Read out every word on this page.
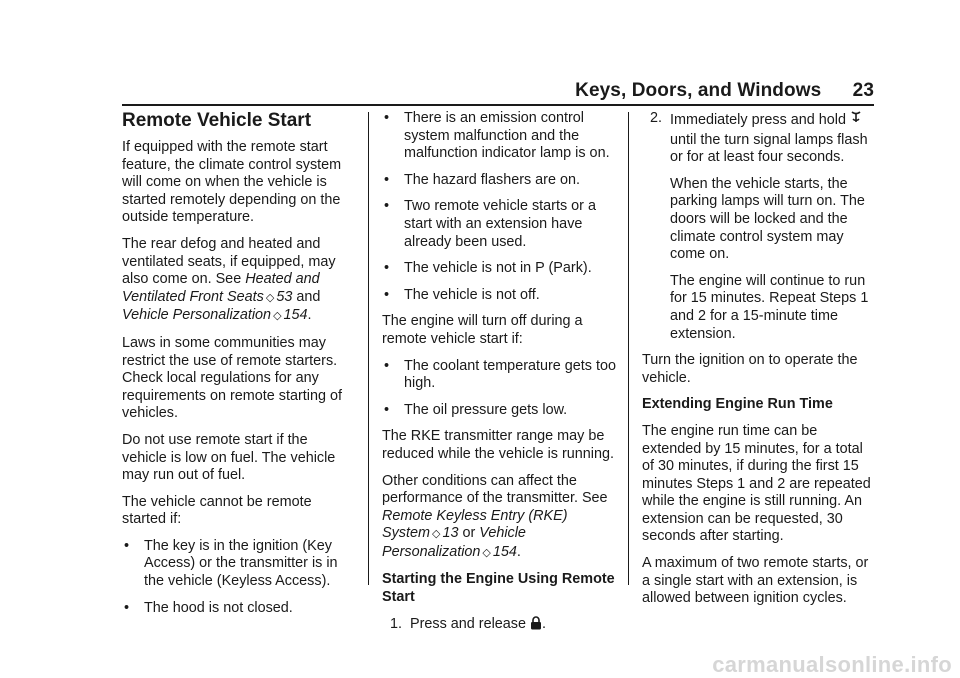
Keys, Doors, and Windows 23
Remote Vehicle Start

If equipped with the remote start feature, the climate control system will come on when the vehicle is started remotely depending on the outside temperature.

The rear defog and heated and ventilated seats, if equipped, may also come on. See Heated and Ventilated Front Seats ◇ 53 and Vehicle Personalization ◇ 154.

Laws in some communities may restrict the use of remote starters. Check local regulations for any requirements on remote starting of vehicles.

Do not use remote start if the vehicle is low on fuel. The vehicle may run out of fuel.

The vehicle cannot be remote started if:

• The key is in the ignition (Key Access) or the transmitter is in the vehicle (Keyless Access).
• The hood is not closed.
• There is an emission control system malfunction and the malfunction indicator lamp is on.
• The hazard flashers are on.
• Two remote vehicle starts or a start with an extension have already been used.
• The vehicle is not in P (Park).
• The vehicle is not off.

The engine will turn off during a remote vehicle start if:

• The coolant temperature gets too high.
• The oil pressure gets low.

The RKE transmitter range may be reduced while the vehicle is running.

Other conditions can affect the performance of the transmitter. See Remote Keyless Entry (RKE) System ◇ 13 or Vehicle Personalization ◇ 154.

Starting the Engine Using Remote Start
1. Press and release .
2. Immediately press and hold  until the turn signal lamps flash or for at least four seconds.

When the vehicle starts, the parking lamps will turn on. The doors will be locked and the climate control system may come on.

The engine will continue to run for 15 minutes. Repeat Steps 1 and 2 for a 15-minute time extension.

Turn the ignition on to operate the vehicle.

Extending Engine Run Time

The engine run time can be extended by 15 minutes, for a total of 30 minutes, if during the first 15 minutes Steps 1 and 2 are repeated while the engine is still running. An extension can be requested, 30 seconds after starting.

A maximum of two remote starts, or a single start with an extension, is allowed between ignition cycles.

carmanualsonline.info
